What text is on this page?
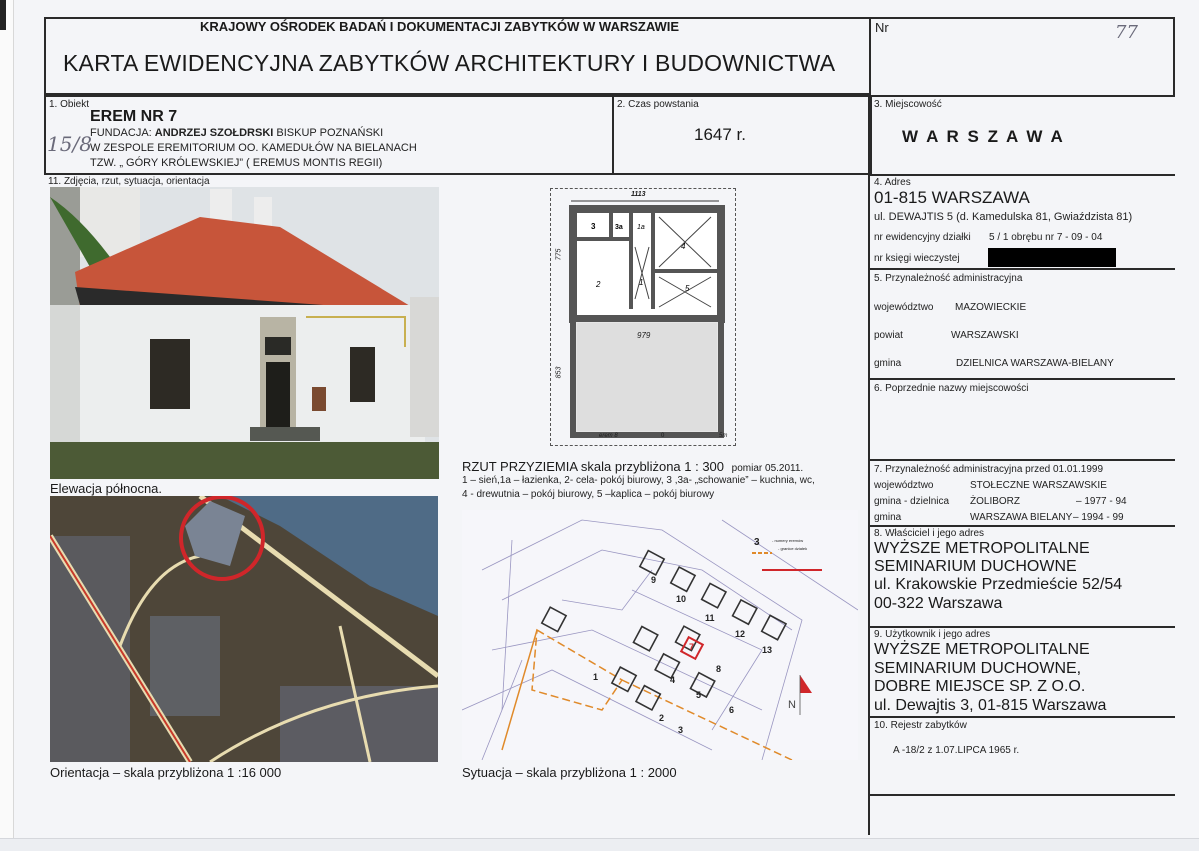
KRAJOWY OŚRODEK BADAŃ I DOKUMENTACJI ZABYTKÓW W WARSZAWIE
KARTA EWIDENCYJNA ZABYTKÓW ARCHITEKTURY I BUDOWNICTWA
Nr	77
1. Obiekt
EREM NR 7
15/8
FUNDACJA: ANDRZEJ SZOŁDRSKI BISKUP POZNAŃSKI
W ZESPOLE EREMITORIUM OO. KAMEDUŁÓW NA BIELANACH
TZW. „ GÓRY KRÓLEWSKIEJ” ( EREMUS MONTIS REGII)
2. Czas powstania
1647 r.
3. Miejscowość
W A R S Z A W A
11. Zdjęcia, rzut, sytuacja, orientacja
Elewacja północna.
Orientacja – skala przybliżona 1 :16 000
3	3a 1a
4
2	1
5
1113
979
775
853
erem 8	0	5m
RZUT PRZYZIEMIA skala przybliżona 1 : 300 pomiar 05.2011.
1 – sień,1a – łazienka, 2- cela- pokój biurowy, 3 ,3a- „schowanie” – kuchnia, wc,
4 - drewutnia – pokój biurowy, 5 –kaplica – pokój biurowy
9
10
11
12
13
7
8
4
5
6
2
3
1
N
3	- numery eremów
- granice działek
Sytuacja – skala przybliżona 1 : 2000
4. Adres
01-815 WARSZAWA
ul. DEWAJTIS 5 (d. Kamedulska 81, Gwiaździsta 81)
nr ewidencyjny działki 5 / 1 obrębu nr 7 - 09 - 04
nr księgi wieczystej
5. Przynależność administracyjna
województwo MAZOWIECKIE
powiat	WARSZAWSKI
gmina	DZIELNICA WARSZAWA-BIELANY
6. Poprzednie nazwy miejscowości
7. Przynależność administracyjna przed 01.01.1999
województwo	STOŁECZNE WARSZAWSKIE
gmina - dzielnica ŻOLIBORZ	– 1977 - 94
gmina	WARSZAWA BIELANY – 1994 - 99
8. Właściciel i jego adres
WYŻSZE METROPOLITALNE
SEMINARIUM DUCHOWNE
ul. Krakowskie Przedmieście 52/54
00-322 Warszawa
9. Użytkownik i jego adres
WYŻSZE METROPOLITALNE
SEMINARIUM DUCHOWNE,
DOBRE MIEJSCE SP. Z O.O.
ul. Dewajtis 3, 01-815 Warszawa
10. Rejestr zabytków
A -18/2 z 1.07.LIPCA 1965 r.
